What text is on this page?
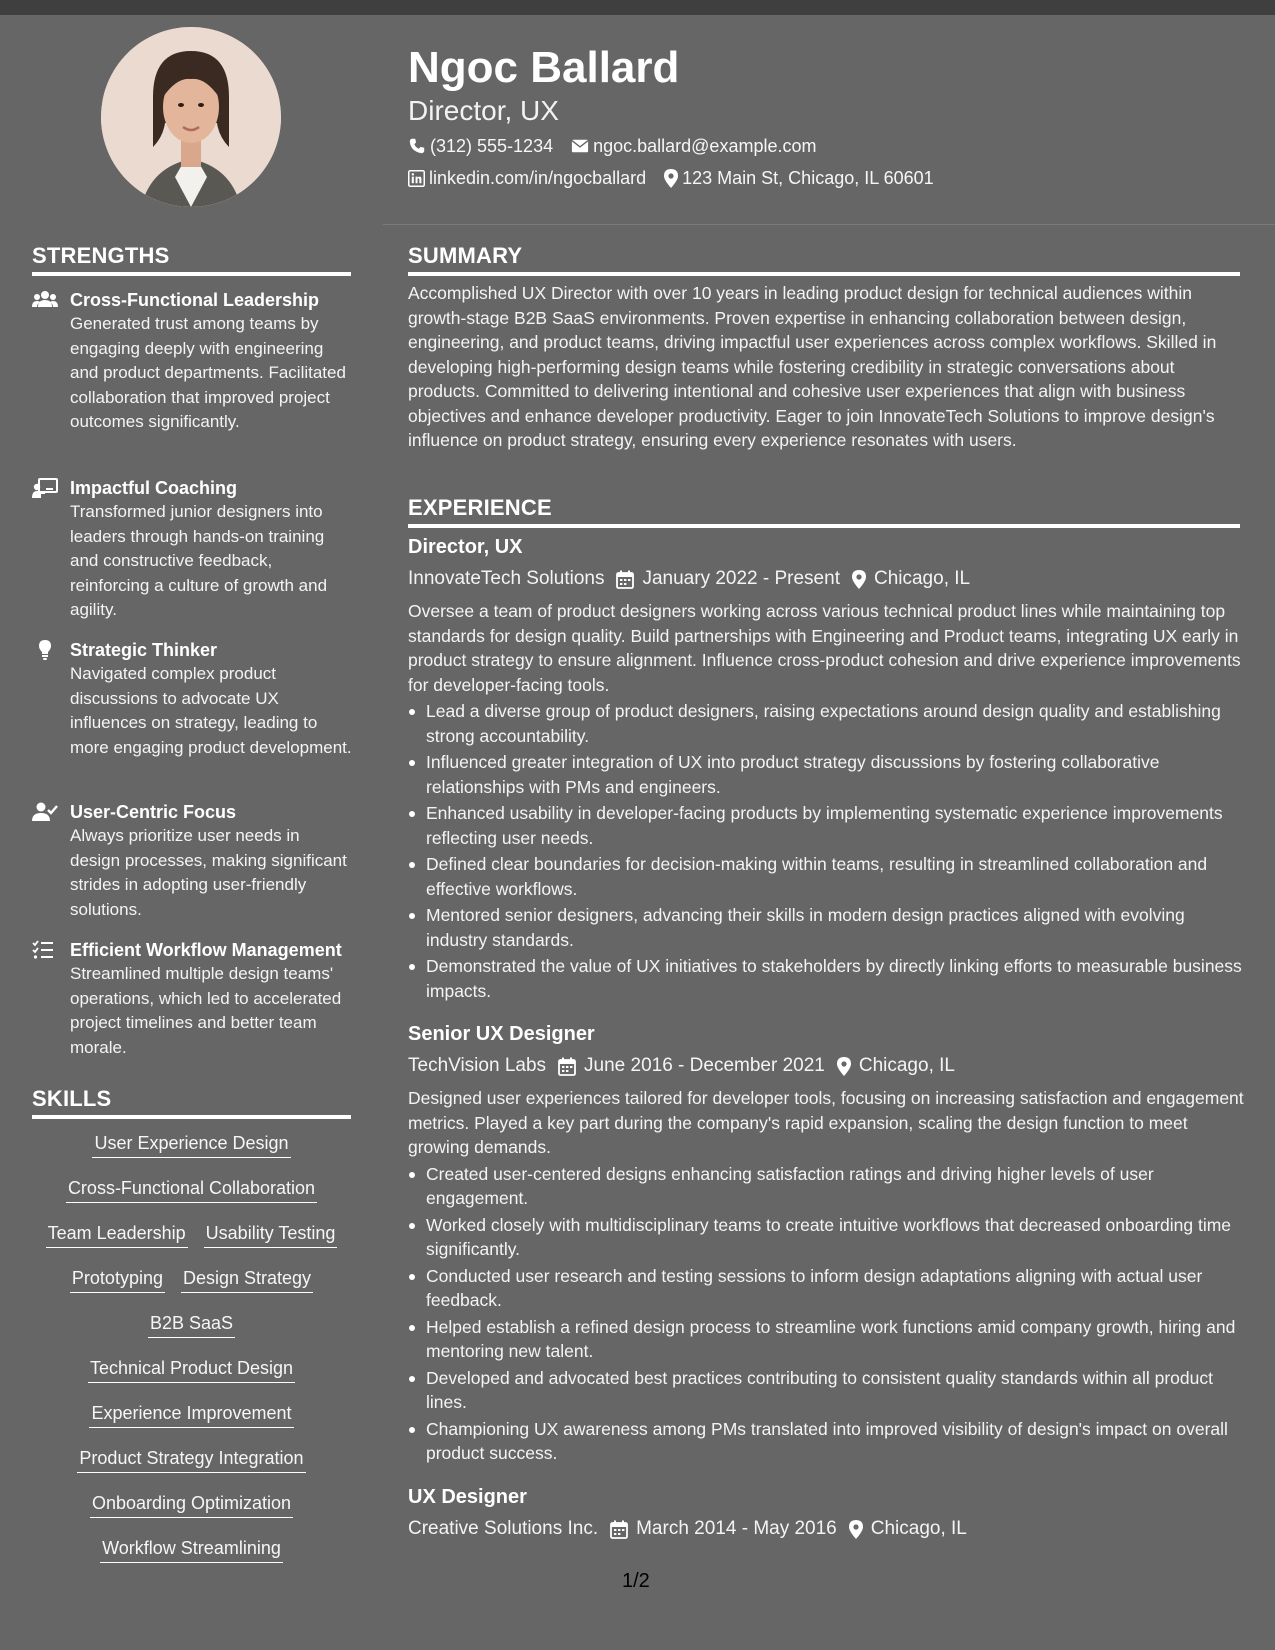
Ngoc Ballard
Director, UX
(312) 555-1234 ngoc.ballard@example.com
linkedin.com/in/ngocballard 123 Main St, Chicago, IL 60601
STRENGTHS
Cross-Functional Leadership
Generated trust among teams by engaging deeply with engineering and product departments. Facilitated collaboration that improved project outcomes significantly.
Impactful Coaching
Transformed junior designers into leaders through hands-on training and constructive feedback, reinforcing a culture of growth and agility.
Strategic Thinker
Navigated complex product discussions to advocate UX influences on strategy, leading to more engaging product development.
User-Centric Focus
Always prioritize user needs in design processes, making significant strides in adopting user-friendly solutions.
Efficient Workflow Management
Streamlined multiple design teams' operations, which led to accelerated project timelines and better team morale.
SKILLS
User Experience Design
Cross-Functional Collaboration
Team Leadership Usability Testing
Prototyping Design Strategy
B2B SaaS
Technical Product Design
Experience Improvement
Product Strategy Integration
Onboarding Optimization
Workflow Streamlining
SUMMARY
Accomplished UX Director with over 10 years in leading product design for technical audiences within growth-stage B2B SaaS environments. Proven expertise in enhancing collaboration between design, engineering, and product teams, driving impactful user experiences across complex workflows. Skilled in developing high-performing design teams while fostering credibility in strategic conversations about products. Committed to delivering intentional and cohesive user experiences that align with business objectives and enhance developer productivity. Eager to join InnovateTech Solutions to improve design's influence on product strategy, ensuring every experience resonates with users.
EXPERIENCE
Director, UX
InnovateTech Solutions January 2022 - Present Chicago, IL
Oversee a team of product designers working across various technical product lines while maintaining top standards for design quality. Build partnerships with Engineering and Product teams, integrating UX early in product strategy to ensure alignment. Influence cross-product cohesion and drive experience improvements for developer-facing tools.
Lead a diverse group of product designers, raising expectations around design quality and establishing strong accountability.
Influenced greater integration of UX into product strategy discussions by fostering collaborative relationships with PMs and engineers.
Enhanced usability in developer-facing products by implementing systematic experience improvements reflecting user needs.
Defined clear boundaries for decision-making within teams, resulting in streamlined collaboration and effective workflows.
Mentored senior designers, advancing their skills in modern design practices aligned with evolving industry standards.
Demonstrated the value of UX initiatives to stakeholders by directly linking efforts to measurable business impacts.
Senior UX Designer
TechVision Labs June 2016 - December 2021 Chicago, IL
Designed user experiences tailored for developer tools, focusing on increasing satisfaction and engagement metrics. Played a key part during the company's rapid expansion, scaling the design function to meet growing demands.
Created user-centered designs enhancing satisfaction ratings and driving higher levels of user engagement.
Worked closely with multidisciplinary teams to create intuitive workflows that decreased onboarding time significantly.
Conducted user research and testing sessions to inform design adaptations aligning with actual user feedback.
Helped establish a refined design process to streamline work functions amid company growth, hiring and mentoring new talent.
Developed and advocated best practices contributing to consistent quality standards within all product lines.
Championing UX awareness among PMs translated into improved visibility of design's impact on overall product success.
UX Designer
Creative Solutions Inc. March 2014 - May 2016 Chicago, IL
1/2
